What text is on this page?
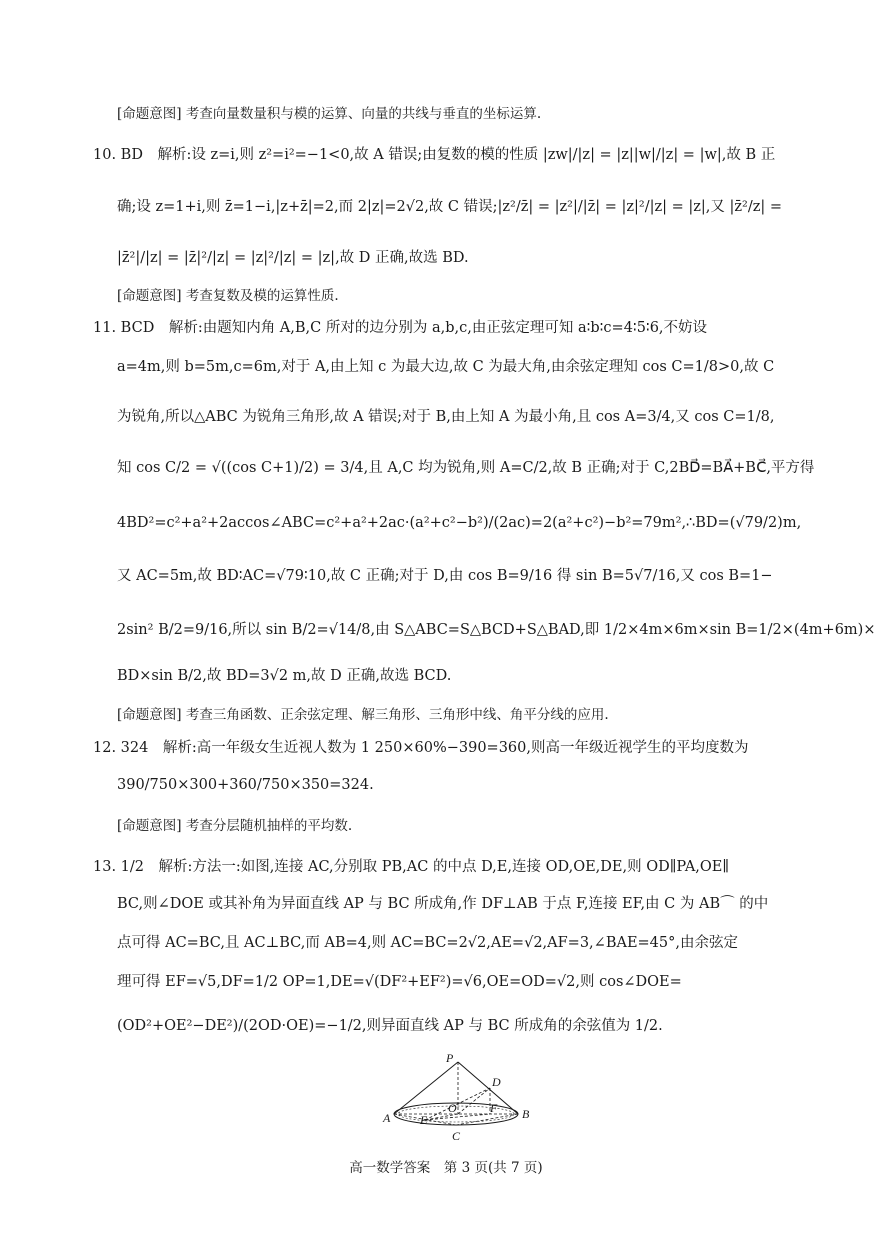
[命题意图] 考查向量数量积与模的运算、向量的共线与垂直的坐标运算.
10. BD　解析:设 z=i,则 z²=i²=−1<0,故 A 错误;由复数的模的性质 |zw|/|z| = |z||w|/|z| = |w|,故 B 正
确;设 z=1+i,则 z̄=1−i,|z+z̄|=2,而 2|z|=2√2,故 C 错误;|z²/z̄| = |z²|/|z̄| = |z|²/|z| = |z|,又 |z̄²/z| =
|z̄²|/|z| = |z̄|²/|z| = |z|²/|z| = |z|,故 D 正确,故选 BD.
[命题意图] 考查复数及模的运算性质.
11. BCD　解析:由题知内角 A,B,C 所对的边分别为 a,b,c,由正弦定理可知 a∶b∶c=4∶5∶6,不妨设
a=4m,则 b=5m,c=6m,对于 A,由上知 c 为最大边,故 C 为最大角,由余弦定理知 cos C=1/8>0,故 C
为锐角,所以△ABC 为锐角三角形,故 A 错误;对于 B,由上知 A 为最小角,且 cos A=3/4,又 cos C=1/8,
知 cos C/2 = √((cos C+1)/2) = 3/4,且 A,C 均为锐角,则 A=C/2,故 B 正确;对于 C,2BD⃗=BA⃗+BC⃗,平方得
4BD²=c²+a²+2accos∠ABC=c²+a²+2ac·(a²+c²−b²)/(2ac)=2(a²+c²)−b²=79m²,∴BD=(√79/2)m,
又 AC=5m,故 BD∶AC=√79∶10,故 C 正确;对于 D,由 cos B=9/16 得 sin B=5√7/16,又 cos B=1−
2sin² B/2=9/16,所以 sin B/2=√14/8,由 S△ABC=S△BCD+S△BAD,即 1/2×4m×6m×sin B=1/2×(4m+6m)×
BD×sin B/2,故 BD=3√2 m,故 D 正确,故选 BCD.
[命题意图] 考查三角函数、正余弦定理、解三角形、三角形中线、角平分线的应用.
12. 324　解析:高一年级女生近视人数为 1 250×60%−390=360,则高一年级近视学生的平均度数为
390/750×300+360/750×350=324.
[命题意图] 考查分层随机抽样的平均数.
13. 1/2　解析:方法一:如图,连接 AC,分别取 PB,AC 的中点 D,E,连接 OD,OE,DE,则 OD∥PA,OE∥
BC,则∠DOE 或其补角为异面直线 AP 与 BC 所成角,作 DF⊥AB 于点 F,连接 EF,由 C 为 AB⌒ 的中
点可得 AC=BC,且 AC⊥BC,而 AB=4,则 AC=BC=2√2,AE=√2,AF=3,∠BAE=45°,由余弦定
理可得 EF=√5,DF=1/2 OP=1,DE=√(DF²+EF²)=√6,OE=OD=√2,则 cos∠DOE=
(OD²+OE²−DE²)/(2OD·OE)=−1/2,则异面直线 AP 与 BC 所成角的余弦值为 1/2.
P
D
O	F
E
A	B
C
高一数学答案　第 3 页(共 7 页)
